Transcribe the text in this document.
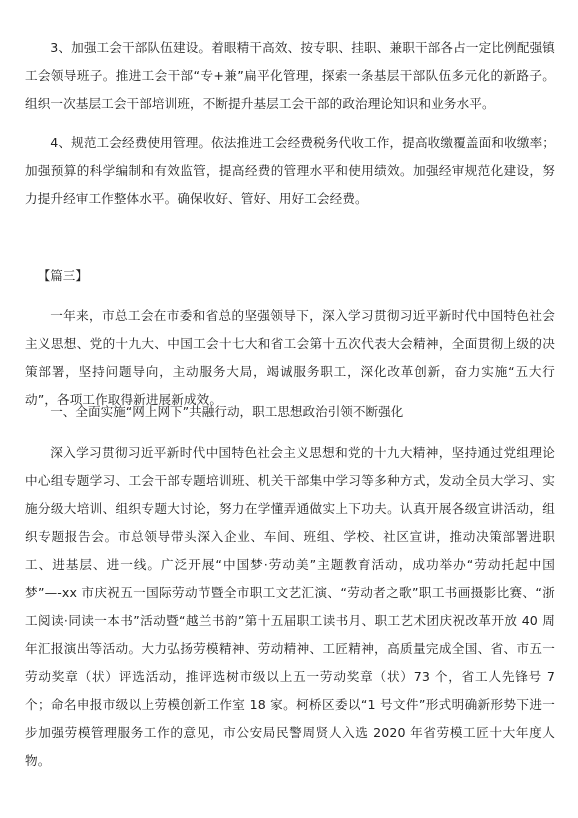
3、加强工会干部队伍建设。着眼精干高效、按专职、挂职、兼职干部各占一定比例配强镇工会领导班子。推进工会干部“专+兼”扁平化管理，探索一条基层干部队伍多元化的新路子。组织一次基层工会干部培训班，不断提升基层工会干部的政治理论知识和业务水平。

4、规范工会经费使用管理。依法推进工会经费税务代收工作，提高收缴覆盖面和收缴率；加强预算的科学编制和有效监管，提高经费的管理水平和使用绩效。加强经审规范化建设，努力提升经审工作整体水平。确保收好、管好、用好工会经费。

【篇三】

一年来，市总工会在市委和省总的坚强领导下，深入学习贯彻习近平新时代中国特色社会主义思想、党的十九大、中国工会十七大和省工会第十五次代表大会精神，全面贯彻上级的决策部署，坚持问题导向，主动服务大局，竭诚服务职工，深化改革创新，奋力实施“五大行动”，各项工作取得新进展新成效。

一、全面实施“网上网下”共融行动，职工思想政治引领不断强化

深入学习贯彻习近平新时代中国特色社会主义思想和党的十九大精神，坚持通过党组理论中心组专题学习、工会干部专题培训班、机关干部集中学习等多种方式，发动全员大学习、实施分级大培训、组织专题大讨论，努力在学懂弄通做实上下功夫。认真开展各级宣讲活动，组织专题报告会。市总领导带头深入企业、车间、班组、学校、社区宣讲，推动决策部署进职工、进基层、进一线。广泛开展“中国梦·劳动美”主题教育活动，成功举办“劳动托起中国梦”—-xx 市庆祝五一国际劳动节暨全市职工文艺汇演、“劳动者之歌”职工书画摄影比赛、“浙工阅读·同读一本书”活动暨“越兰书韵”第十五届职工读书月、职工艺术团庆祝改革开放 40 周年汇报演出等活动。大力弘扬劳模精神、劳动精神、工匠精神，高质量完成全国、省、市五一劳动奖章（状）评选活动，推评选树市级以上五一劳动奖章（状）73 个，省工人先锋号 7 个；命名申报市级以上劳模创新工作室 18 家。柯桥区委以“1 号文件”形式明确新形势下进一步加强劳模管理服务工作的意见，市公安局民警周贤人入选 2020 年省劳模工匠十大年度人物。
